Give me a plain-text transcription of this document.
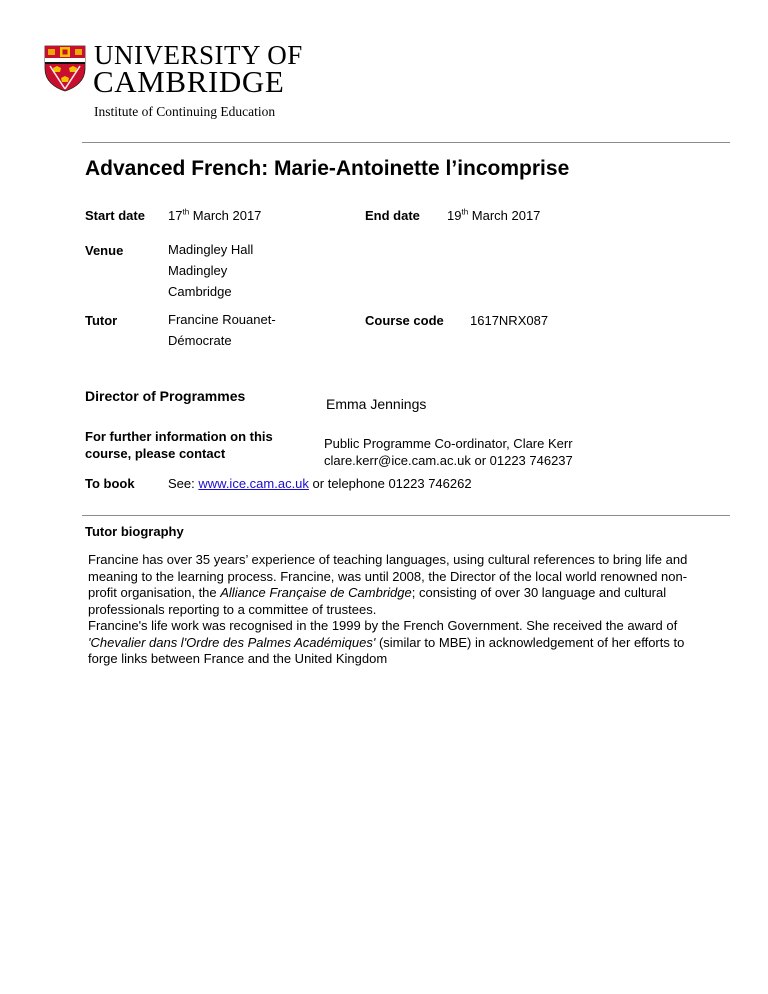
UNIVERSITY OF
CAMBRIDGE
Institute of Continuing Education
Advanced French: Marie-Antoinette l’incomprise
Start date 17th March 2017	End date 19th March 2017
Venue	Madingley Hall
Madingley
Cambridge
Tutor	Francine Rouanet-
Démocrate
Course code 1617NRX087
Director of Programmes	Emma Jennings
For further information on this
course, please contact
Public Programme Co-ordinator, Clare Kerr
clare.kerr@ice.cam.ac.uk or 01223 746237
To book	See: www.ice.cam.ac.uk or telephone 01223 746262
Tutor biography
Francine has over 35 years’ experience of teaching languages, using cultural references to bring life and meaning to the learning process. Francine, was until 2008, the Director of the local world renowned non-profit organisation, the Alliance Française de Cambridge; consisting of over 30 language and cultural professionals reporting to a committee of trustees.
Francine's life work was recognised in the 1999 by the French Government. She received the award of 'Chevalier dans l'Ordre des Palmes Académiques' (similar to MBE) in acknowledgement of her efforts to forge links between France and the United Kingdom
